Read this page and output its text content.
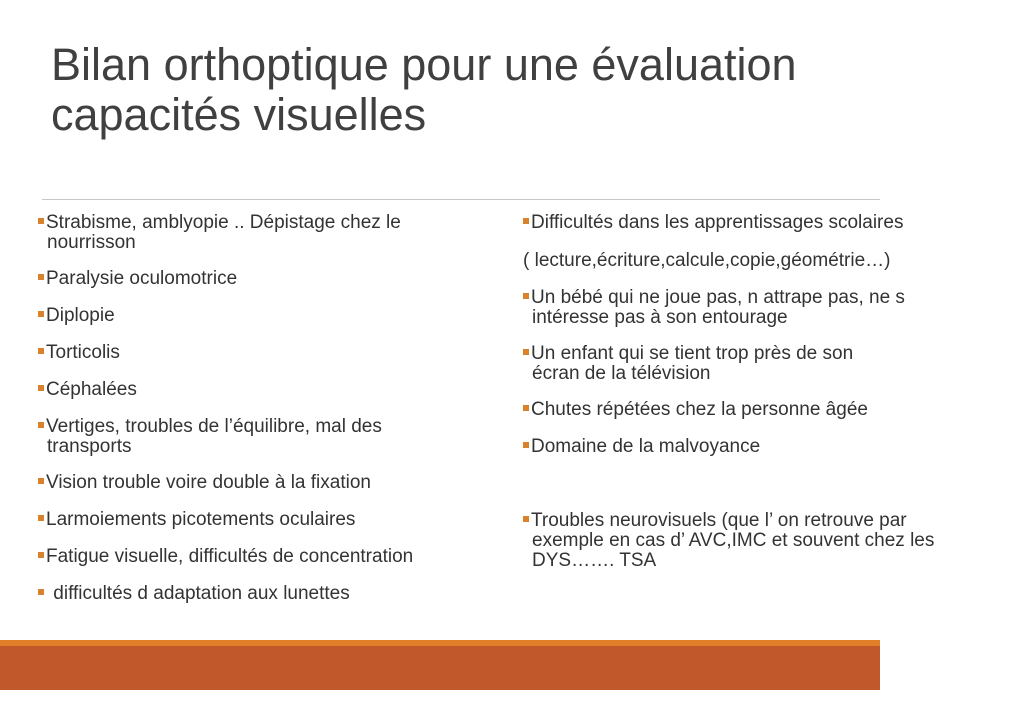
Bilan orthoptique pour une évaluation
capacités visuelles
Strabisme, amblyopie .. Dépistage chez le
nourrisson
Paralysie oculomotrice
Diplopie
Torticolis
Céphalées
Vertiges, troubles de l’équilibre, mal des
transports
Vision trouble voire double à la fixation
Larmoiements picotements oculaires
Fatigue visuelle, difficultés de concentration
difficultés d adaptation aux lunettes
Difficultés dans les apprentissages scolaires
( lecture,écriture,calcule,copie,géométrie…)
Un bébé qui ne joue pas, n attrape pas, ne s
intéresse pas à son entourage
Un enfant qui se tient trop près de son
écran de la télévision
Chutes répétées chez la personne âgée
Domaine de la malvoyance
Troubles neurovisuels (que l’ on retrouve par
exemple en cas d’ AVC,IMC et souvent chez les
DYS……. TSA
